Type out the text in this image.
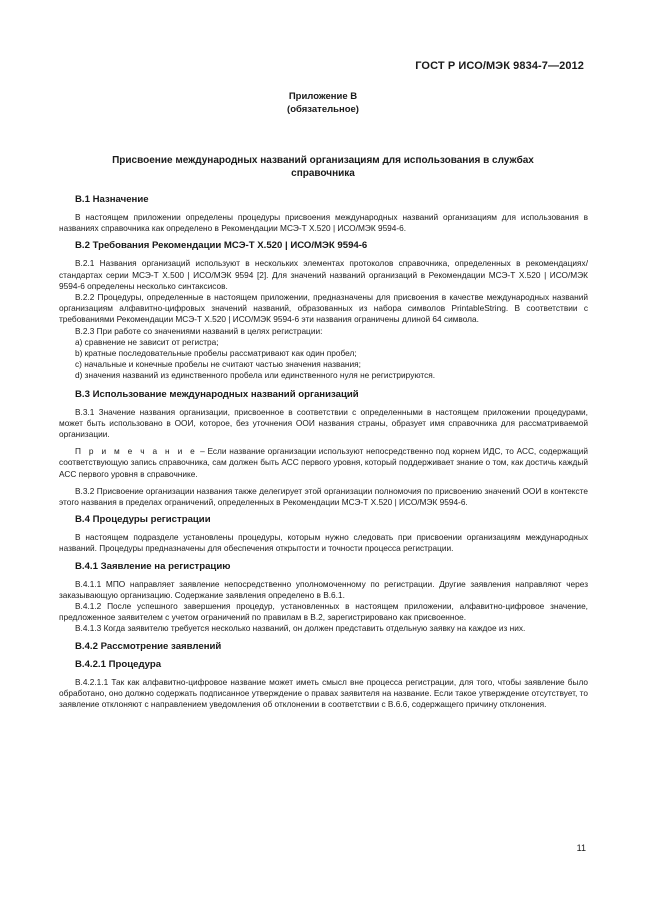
ГОСТ Р ИСО/МЭК 9834-7—2012
Приложение В
(обязательное)
Присвоение международных названий организациям для использования в службах справочника
В.1 Назначение

В настоящем приложении определены процедуры присвоения международных названий организациям для использования в названиях справочника как определено в Рекомендации МСЭ-Т X.520 | ИСО/МЭК 9594-6.

В.2 Требования Рекомендации МСЭ-Т X.520 | ИСО/МЭК 9594-6

В.2.1 Названия организаций используют в нескольких элементах протоколов справочника, определенных в рекомендациях/стандартах серии МСЭ-Т X.500 | ИСО/МЭК 9594 [2]. Для значений названий организаций в Рекомендации МСЭ-Т X.520 | ИСО/МЭК 9594-6 определены несколько синтаксисов.

В.2.2 Процедуры, определенные в настоящем приложении, предназначены для присвоения в качестве международных названий организациям алфавитно-цифровых значений названий, образованных из набора символов PrintableString. В соответствии с требованиями Рекомендации МСЭ-Т X.520 | ИСО/МЭК 9594-6 эти названия ограничены длиной 64 символа.

В.2.3 При работе со значениями названий в целях регистрации:

а) сравнение не зависит от регистра;
b) кратные последовательные пробелы рассматривают как один пробел;
c) начальные и конечные пробелы не считают частью значения названия;
d) значения названий из единственного пробела или единственного нуля не регистрируются.
В.3 Использование международных названий организаций

В.3.1 Значение названия организации, присвоенное в соответствии с определенными в настоящем приложении процедурами, может быть использовано в ООИ, которое, без уточнения ООИ названия страны, образует имя справочника для рассматриваемой организации.

П р и м е ч а н и е – Если название организации используют непосредственно под корнем ИДС, то АСС, содержащий соответствующую запись справочника, сам должен быть АСС первого уровня, который поддерживает знание о том, как достичь каждый АСС первого уровня в справочнике.

В.3.2 Присвоение организации названия также делегирует этой организации полномочия по присвоению значений ООИ в контексте этого названия в пределах ограничений, определенных в Рекомендации МСЭ-Т X.520 | ИСО/МЭК 9594-6.

В.4 Процедуры регистрации

В настоящем подразделе установлены процедуры, которым нужно следовать при присвоении организациям международных названий. Процедуры предназначены для обеспечения открытости и точности процесса регистрации.

В.4.1 Заявление на регистрацию

В.4.1.1 МПО направляет заявление непосредственно уполномоченному по регистрации. Другие заявления направляют через заказывающую организацию. Содержание заявления определено в В.6.1.

В.4.1.2 После успешного завершения процедур, установленных в настоящем приложении, алфавитно-цифровое значение, предложенное заявителем с учетом ограничений по правилам в В.2, зарегистрировано как присвоенное.

В.4.1.3 Когда заявителю требуется несколько названий, он должен представить отдельную заявку на каждое из них.

В.4.2 Рассмотрение заявлений
В.4.2.1 Процедура

В.4.2.1.1 Так как алфавитно-цифровое название может иметь смысл вне процесса регистрации, для того, чтобы заявление было обработано, оно должно содержать подписанное утверждение о правах заявителя на название. Если такое утверждение отсутствует, то заявление отклоняют с направлением уведомления об отклонении в соответствии с В.6.6, содержащего причину отклонения.

11
